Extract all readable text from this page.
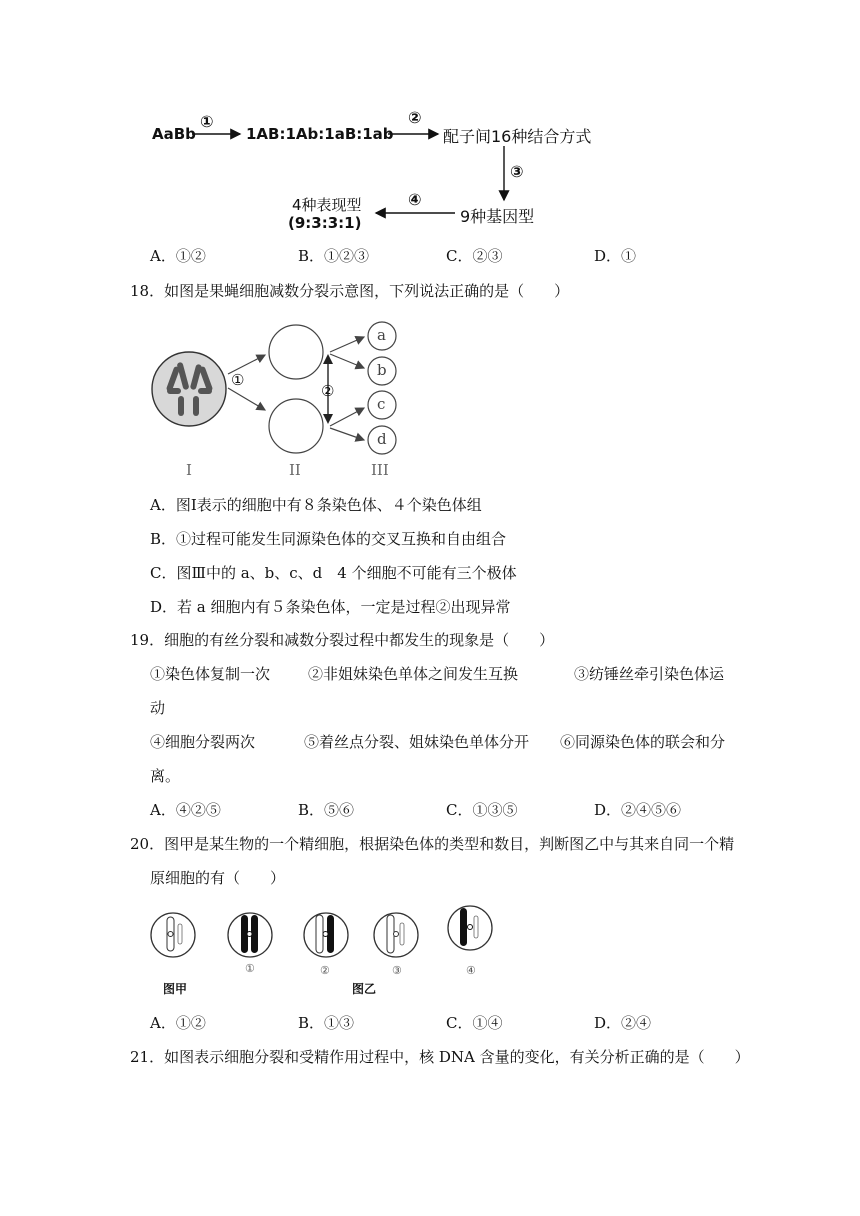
AaBb
①
1AB:1Ab:1aB:1ab
②
配子间16种结合方式
③
9种基因型
④
4种表现型
(9:3:3:1)
A．①②	B．①②③	C．②③	D．①
18．如图是果蝇细胞减数分裂示意图，下列说法正确的是（　　）
①
②
a
b
c
d
I	II	III
A．图Ⅰ表示的细胞中有８条染色体、４个染色体组
B．①过程可能发生同源染色体的交叉互换和自由组合
C．图Ⅲ中的 a、b、c、d　4 个细胞不可能有三个极体
D．若 a 细胞内有５条染色体，一定是过程②出现异常
19．细胞的有丝分裂和减数分裂过程中都发生的现象是（　　）
①染色体复制一次	②非姐妹染色单体之间发生互换	③纺锤丝牵引染色体运
动
④细胞分裂两次	⑤着丝点分裂、姐妹染色单体分开 ⑥同源染色体的联会和分
离。
A．④②⑤	B．⑤⑥	C．①③⑤	D．②④⑤⑥
20．图甲是某生物的一个精细胞，根据染色体的类型和数目，判断图乙中与其来自同一个精
原细胞的有（　　）
图甲	图乙
①	②	③	④
A．①②	B．①③	C．①④	D．②④
21．如图表示细胞分裂和受精作用过程中，核 DNA 含量的变化，有关分析正确的是（　　）
